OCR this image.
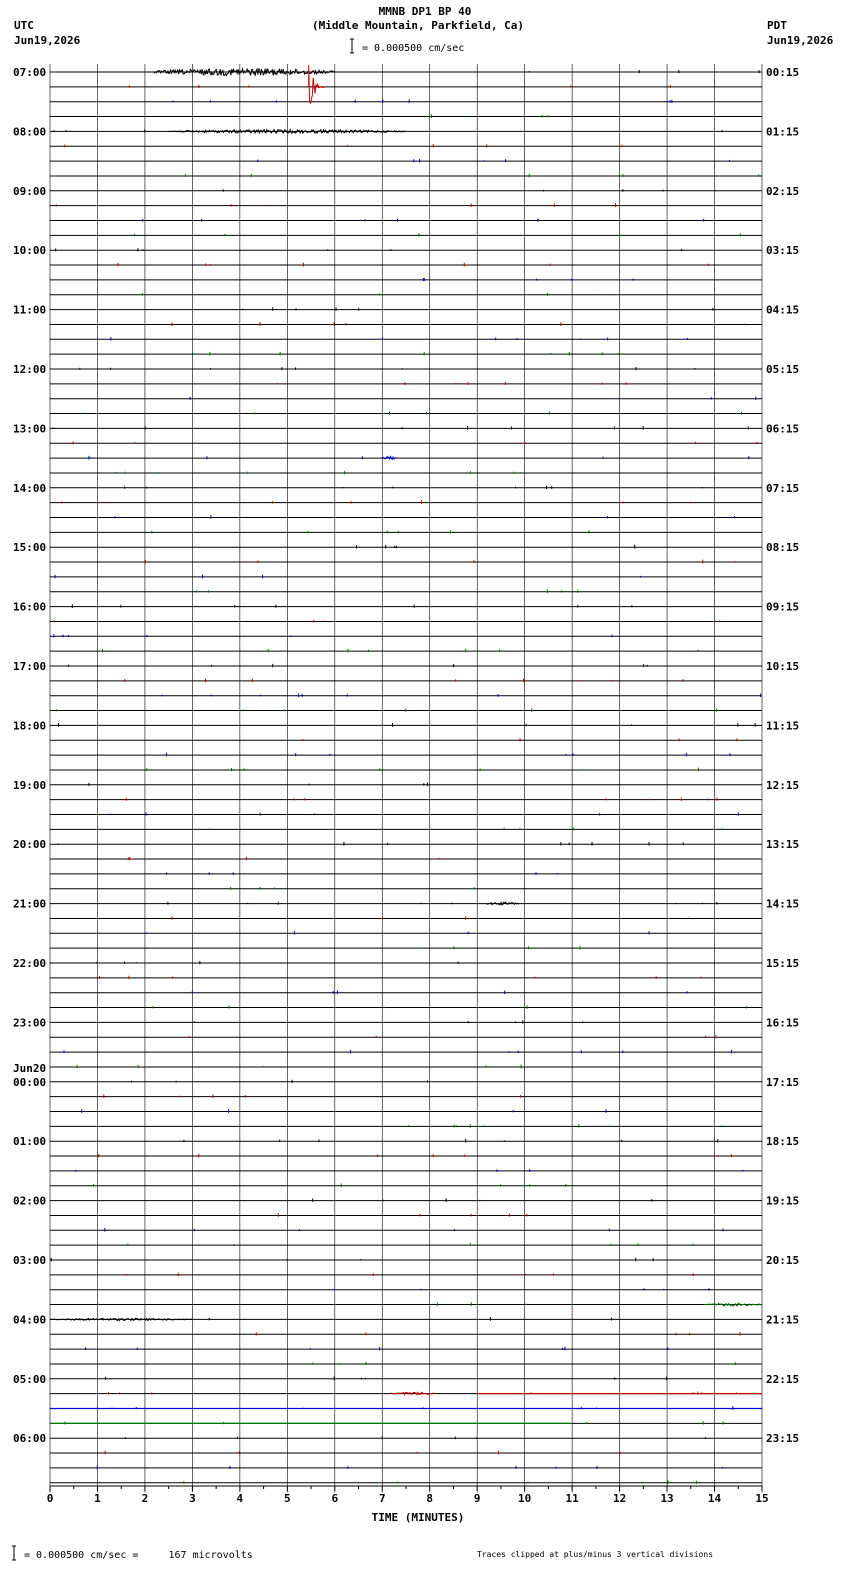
07:00
08:00
09:00
10:00
11:00
12:00
13:00
14:00
15:00
16:00
17:00
18:00
19:00
20:00
21:00
22:00
23:00
00:00
Jun20
01:00
02:00
03:00
04:00
05:00
06:00
00:15
01:15
02:15
03:15
04:15
05:15
06:15
07:15
08:15
09:15
10:15
11:15
12:15
13:15
14:15
15:15
16:15
17:15
18:15
19:15
20:15
21:15
22:15
23:15
0	1	2	3	4	5	6	7	8	9	10	11	12	13	14	15
MMNB DP1 BP 40
(Middle Mountain, Parkfield, Ca)
UTC
Jun19,2026
PDT
Jun19,2026
= 0.000500 cm/sec
= 0.000500 cm/sec =     167 microvolts	Traces clipped at plus/minus 3 vertical divisions
TIME (MINUTES)
